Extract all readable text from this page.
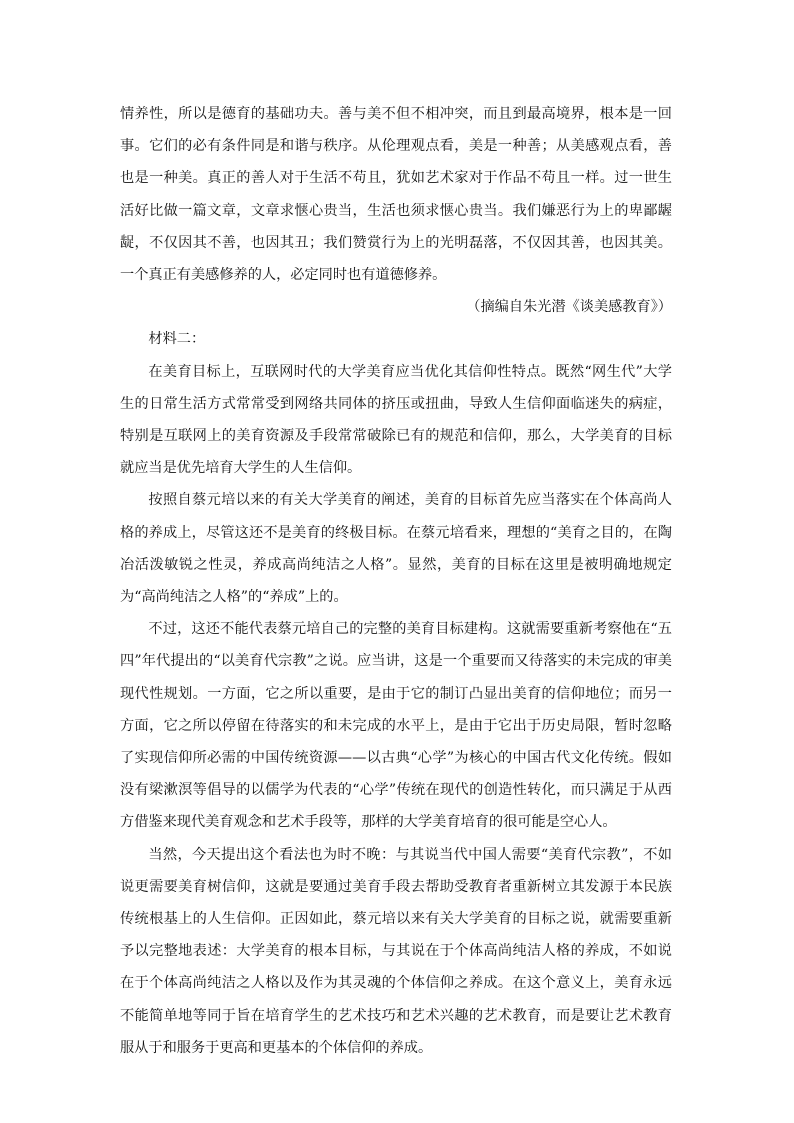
情养性，所以是德育的基础功夫。善与美不但不相冲突，而且到最高境界，根本是一回事。它们的必有条件同是和谐与秩序。从伦理观点看，美是一种善；从美感观点看，善也是一种美。真正的善人对于生活不苟且，犹如艺术家对于作品不苟且一样。过一世生活好比做一篇文章，文章求惬心贵当，生活也须求惬心贵当。我们嫌恶行为上的卑鄙龌龊，不仅因其不善，也因其丑；我们赞赏行为上的光明磊落，不仅因其善，也因其美。一个真正有美感修养的人，必定同时也有道德修养。

（摘编自朱光潜《谈美感教育》）

材料二：

在美育目标上，互联网时代的大学美育应当优化其信仰性特点。既然“网生代”大学生的日常生活方式常常受到网络共同体的挤压或扭曲，导致人生信仰面临迷失的病症，特别是互联网上的美育资源及手段常常破除已有的规范和信仰，那么，大学美育的目标就应当是优先培育大学生的人生信仰。

按照自蔡元培以来的有关大学美育的阐述，美育的目标首先应当落实在个体高尚人格的养成上，尽管这还不是美育的终极目标。在蔡元培看来，理想的“美育之目的，在陶冶活泼敏锐之性灵，养成高尚纯洁之人格”。显然，美育的目标在这里是被明确地规定为“高尚纯洁之人格”的“养成”上的。

不过，这还不能代表蔡元培自己的完整的美育目标建构。这就需要重新考察他在“五四”年代提出的“以美育代宗教”之说。应当讲，这是一个重要而又待落实的未完成的审美现代性规划。一方面，它之所以重要，是由于它的制订凸显出美育的信仰地位；而另一方面，它之所以停留在待落实的和未完成的水平上，是由于它出于历史局限，暂时忽略了实现信仰所必需的中国传统资源——以古典“心学”为核心的中国古代文化传统。假如没有梁漱溟等倡导的以儒学为代表的“心学”传统在现代的创造性转化，而只满足于从西方借鉴来现代美育观念和艺术手段等，那样的大学美育培育的很可能是空心人。

当然，今天提出这个看法也为时不晚：与其说当代中国人需要“美育代宗教”，不如说更需要美育树信仰，这就是要通过美育手段去帮助受教育者重新树立其发源于本民族传统根基上的人生信仰。正因如此，蔡元培以来有关大学美育的目标之说，就需要重新予以完整地表述：大学美育的根本目标，与其说在于个体高尚纯洁人格的养成，不如说在于个体高尚纯洁之人格以及作为其灵魂的个体信仰之养成。在这个意义上，美育永远不能简单地等同于旨在培育学生的艺术技巧和艺术兴趣的艺术教育，而是要让艺术教育服从于和服务于更高和更基本的个体信仰的养成。
